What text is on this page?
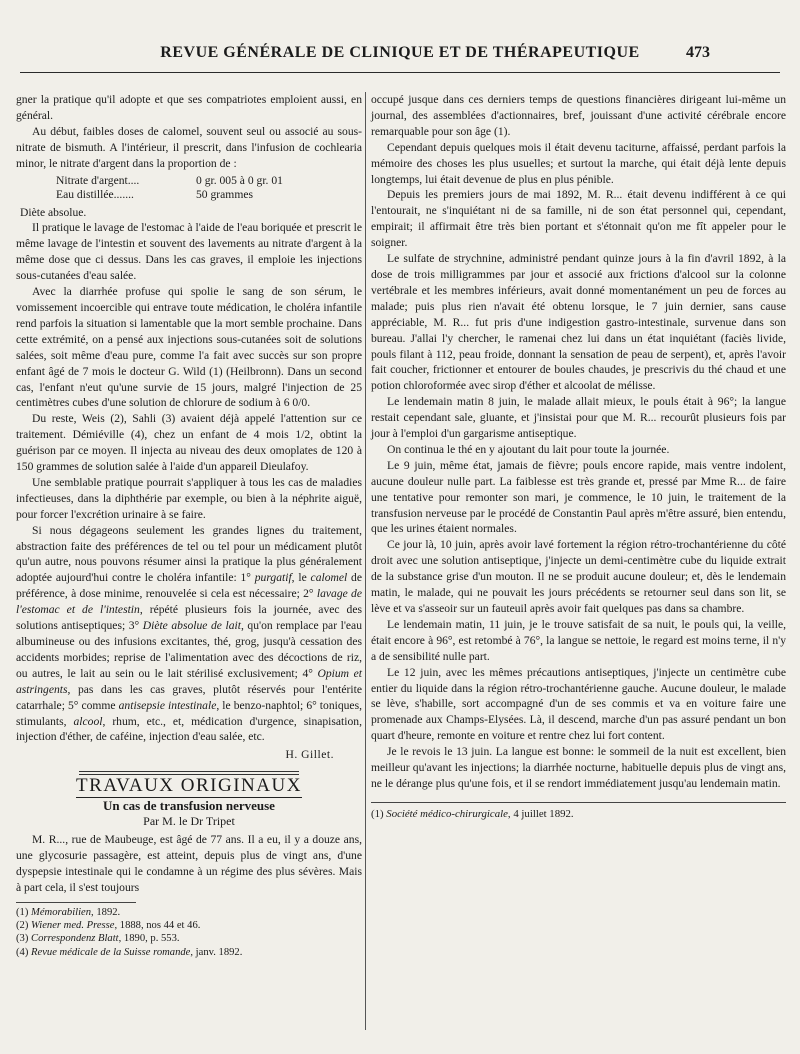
REVUE GÉNÉRALE DE CLINIQUE ET DE THÉRAPEUTIQUE	473

gner la pratique qu'il adopte et que ses compatriotes emploient aussi, en général.

Au début, faibles doses de calomel, souvent seul ou associé au sous-nitrate de bismuth. A l'intérieur, il prescrit, dans l'infusion de cochlearia minor, le nitrate d'argent dans la proportion de :

Nitrate d'argent....	0 gr. 005 à 0 gr. 01
Eau distillée.......	50 grammes

Diète absolue.

Il pratique le lavage de l'estomac à l'aide de l'eau boriquée et prescrit le même lavage de l'intestin et souvent des lavements au nitrate d'argent à la même dose que ci dessus. Dans les cas graves, il emploie les injections sous-cutanées d'eau salée.

Avec la diarrhée profuse qui spolie le sang de son sérum, le vomissement incoercible qui entrave toute médication, le choléra infantile rend parfois la situation si lamentable que la mort semble prochaine. Dans cette extrémité, on a pensé aux injections sous-cutanées soit de solutions salées, soit même d'eau pure, comme l'a fait avec succès sur son propre enfant âgé de 7 mois le docteur G. Wild (1) (Heilbronn). Dans un second cas, l'enfant n'eut qu'une survie de 15 jours, malgré l'injection de 25 centimètres cubes d'une solution de chlorure de sodium à 6 0/0.

Du reste, Weis (2), Sahli (3) avaient déjà appelé l'attention sur ce traitement. Démiéville (4), chez un enfant de 4 mois 1/2, obtint la guérison par ce moyen. Il injecta au niveau des deux omoplates de 120 à 150 grammes de solution salée à l'aide d'un appareil Dieulafoy.

Une semblable pratique pourrait s'appliquer à tous les cas de maladies infectieuses, dans la diphthérie par exemple, ou bien à la néphrite aiguë, pour forcer l'excrétion urinaire à se faire.

Si nous dégageons seulement les grandes lignes du traitement, abstraction faite des préférences de tel ou tel pour un médicament plutôt qu'un autre, nous pouvons résumer ainsi la pratique la plus généralement adoptée aujourd'hui contre le choléra infantile: 1° purgatif, le calomel de préférence, à dose minime, renouvelée si cela est nécessaire; 2° lavage de l'estomac et de l'intestin, répété plusieurs fois la journée, avec des solutions antiseptiques; 3° Diète absolue de lait, qu'on remplace par l'eau albumineuse ou des infusions excitantes, thé, grog, jusqu'à cessation des accidents morbides; reprise de l'alimentation avec des décoctions de riz, ou autres, le lait au sein ou le lait stérilisé exclusivement; 4° Opium et astringents, pas dans les cas graves, plutôt réservés pour l'entérite catarrhale; 5° comme antisepsie intestinale, le benzo-naphtol; 6° toniques, stimulants, alcool, rhum, etc., et, médication d'urgence, sinapisation, injection d'éther, de caféine, injection d'eau salée, etc.

H. Gillet.
TRAVAUX ORIGINAUX
Un cas de transfusion nerveuse
Par M. le Dr Tripet

M. R..., rue de Maubeuge, est âgé de 77 ans. Il a eu, il y a douze ans, une glycosurie passagère, est atteint, depuis plus de vingt ans, d'une dyspepsie intestinale qui le condamne à un régime des plus sévères. Mais à part cela, il s'est toujours

(1) Mémorabilien, 1892.
(2) Wiener med. Presse, 1888, nos 44 et 46.
(3) Correspondenz Blatt, 1890, p. 553.
(4) Revue médicale de la Suisse romande, janv. 1892.

occupé jusque dans ces derniers temps de questions financières dirigeant lui-même un journal, des assemblées d'actionnaires, bref, jouissant d'une activité cérébrale encore remarquable pour son âge (1).

Cependant depuis quelques mois il était devenu taciturne, affaissé, perdant parfois la mémoire des choses les plus usuelles; et surtout la marche, qui était déjà lente depuis longtemps, lui était devenue de plus en plus pénible.

Depuis les premiers jours de mai 1892, M. R... était devenu indifférent à ce qui l'entourait, ne s'inquiétant ni de sa famille, ni de son état personnel qui, cependant, empirait; il affirmait être très bien portant et s'étonnait qu'on me fît appeler pour le soigner.

Le sulfate de strychnine, administré pendant quinze jours à la fin d'avril 1892, à la dose de trois milligrammes par jour et associé aux frictions d'alcool sur la colonne vertébrale et les membres inférieurs, avait donné momentanément un peu de forces au malade; puis plus rien n'avait été obtenu lorsque, le 7 juin dernier, sans cause appréciable, M. R... fut pris d'une indigestion gastro-intestinale, survenue dans son bureau. J'allai l'y chercher, le ramenai chez lui dans un état inquiétant (faciès livide, pouls filant à 112, peau froide, donnant la sensation de peau de serpent), et, après l'avoir fait coucher, frictionner et entourer de boules chaudes, je prescrivis du thé chaud et une potion chloroformée avec sirop d'éther et alcoolat de mélisse.

Le lendemain matin 8 juin, le malade allait mieux, le pouls était à 96°; la langue restait cependant sale, gluante, et j'insistai pour que M. R... recourût plusieurs fois par jour à l'emploi d'un gargarisme antiseptique.

On continua le thé en y ajoutant du lait pour toute la journée.

Le 9 juin, même état, jamais de fièvre; pouls encore rapide, mais ventre indolent, aucune douleur nulle part. La faiblesse est très grande et, pressé par Mme R... de faire une tentative pour remonter son mari, je commence, le 10 juin, le traitement de la transfusion nerveuse par le procédé de Constantin Paul après m'être assuré, bien entendu, que les urines étaient normales.

Ce jour là, 10 juin, après avoir lavé fortement la région rétro-trochantérienne du côté droit avec une solution antiseptique, j'injecte un demi-centimètre cube du liquide extrait de la substance grise d'un mouton. Il ne se produit aucune douleur; et, dès le lendemain matin, le malade, qui ne pouvait les jours précédents se retourner seul dans son lit, se lève et va s'asseoir sur un fauteuil après avoir fait quelques pas dans sa chambre.

Le lendemain matin, 11 juin, je le trouve satisfait de sa nuit, le pouls qui, la veille, était encore à 96°, est retombé à 76°, la langue se nettoie, le regard est moins terne, il n'y a de sensibilité nulle part.

Le 12 juin, avec les mêmes précautions antiseptiques, j'injecte un centimètre cube entier du liquide dans la région rétro-trochantérienne gauche. Aucune douleur, le malade se lève, s'habille, sort accompagné d'un de ses commis et va en voiture faire une promenade aux Champs-Elysées. Là, il descend, marche d'un pas assuré pendant un bon quart d'heure, remonte en voiture et rentre chez lui fort content.

Je le revois le 13 juin. La langue est bonne: le sommeil de la nuit est excellent, bien meilleur qu'avant les injections; la diarrhée nocturne, habituelle depuis plus de vingt ans, ne le dérange plus qu'une fois, et il se rendort immédiatement jusqu'au lendemain matin.

(1) Société médico-chirurgicale, 4 juillet 1892.
